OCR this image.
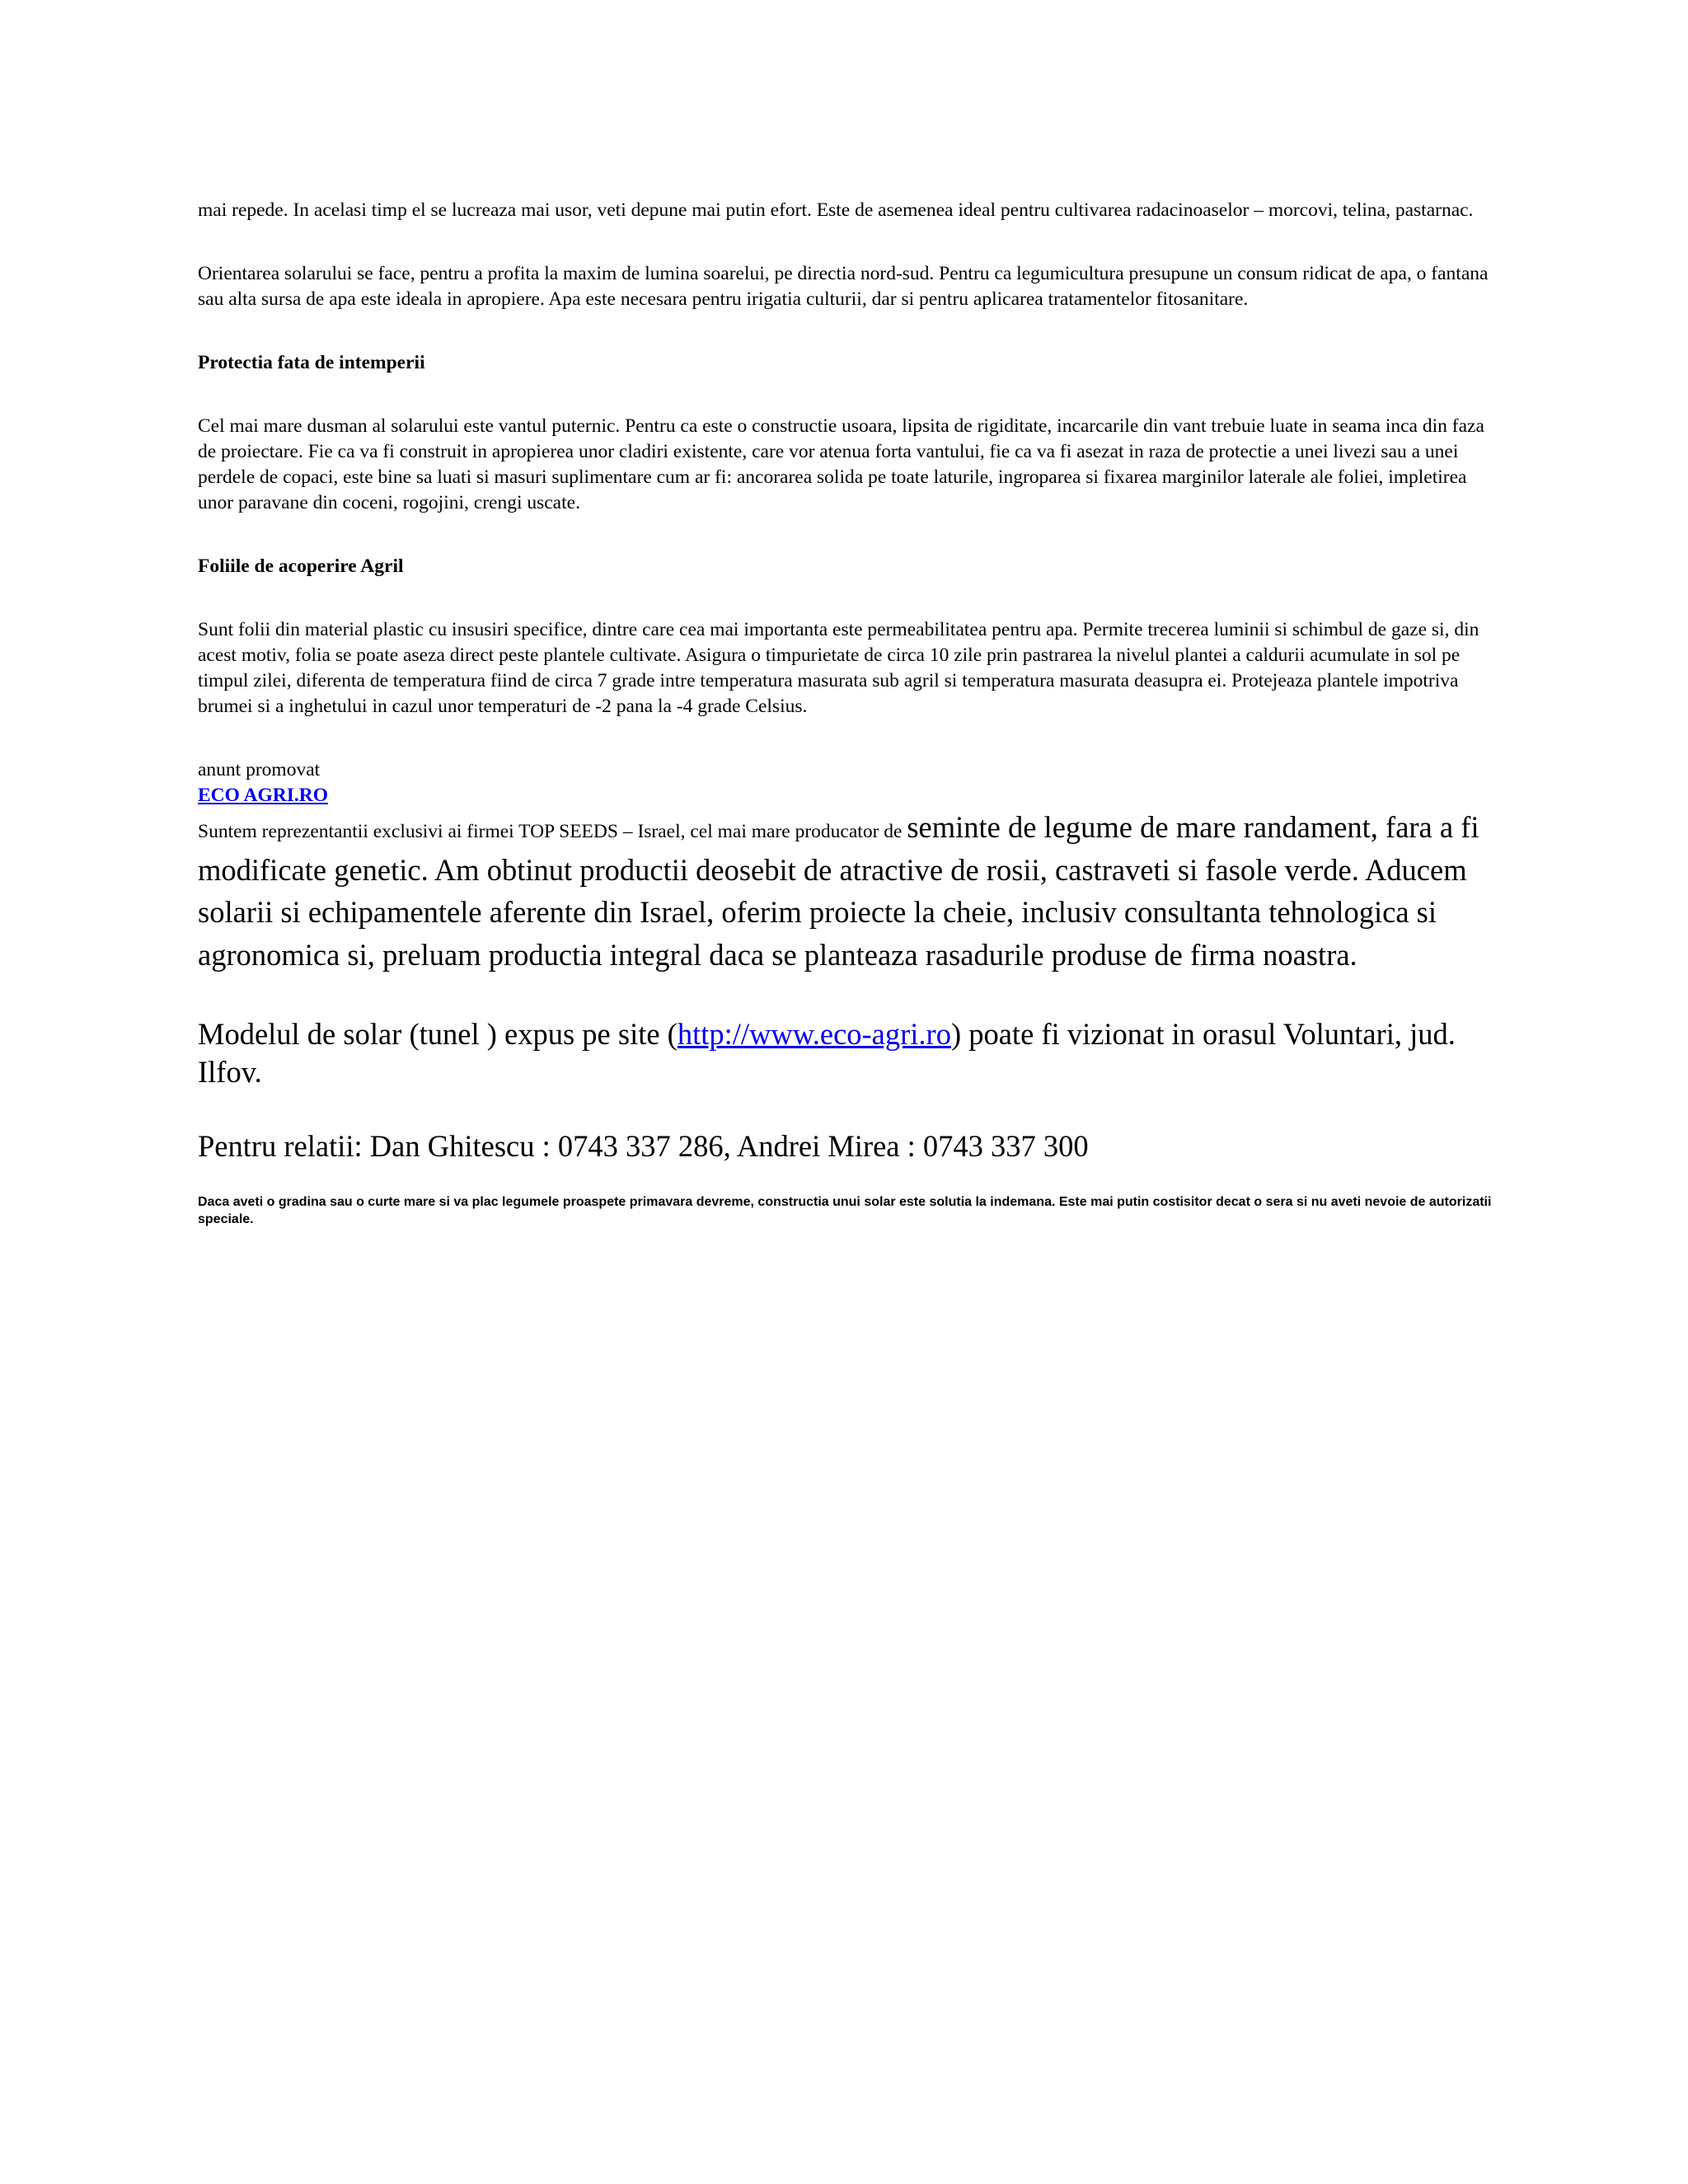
mai repede. In acelasi timp el se lucreaza mai usor, veti depune mai putin efort. Este de asemenea ideal pentru cultivarea radacinoaselor – morcovi, telina, pastarnac.

Orientarea solarului se face, pentru a profita la maxim de lumina soarelui, pe directia nord-sud. Pentru ca legumicultura presupune un consum ridicat de apa, o fantana sau alta sursa de apa este ideala in apropiere. Apa este necesara pentru irigatia culturii, dar si pentru aplicarea tratamentelor fitosanitare.

Protectia fata de intemperii

Cel mai mare dusman al solarului este vantul puternic. Pentru ca este o constructie usoara, lipsita de rigiditate, incarcarile din vant trebuie luate in seama inca din faza de proiectare. Fie ca va fi construit in apropierea unor cladiri existente, care vor atenua forta vantului, fie ca va fi asezat in raza de protectie a unei livezi sau a unei perdele de copaci, este bine sa luati si masuri suplimentare cum ar fi: ancorarea solida pe toate laturile, ingroparea si fixarea marginilor laterale ale foliei, impletirea unor paravane din coceni, rogojini, crengi uscate.

Foliile de acoperire Agril

Sunt folii din material plastic cu insusiri specifice, dintre care cea mai importanta este permeabilitatea pentru apa. Permite trecerea luminii si schimbul de gaze si, din acest motiv, folia se poate aseza direct peste plantele cultivate. Asigura o timpurietate de circa 10 zile prin pastrarea la nivelul plantei a caldurii acumulate in sol pe timpul zilei, diferenta de temperatura fiind de circa 7 grade intre temperatura masurata sub agril si temperatura masurata deasupra ei. Protejeaza plantele impotriva brumei si a inghetului in cazul unor temperaturi de -2 pana la -4 grade Celsius.

anunt promovat

ECO AGRI.RO

Suntem reprezentantii exclusivi ai firmei TOP SEEDS – Israel, cel mai mare producator de seminte de legume de mare randament, fara a fi modificate genetic. Am obtinut productii deosebit de atractive de rosii, castraveti si fasole verde. Aducem solarii si echipamentele aferente din Israel, oferim proiecte la cheie, inclusiv consultanta tehnologica si agronomica si, preluam productia integral daca se planteaza rasadurile produse de firma noastra.

Modelul de solar (tunel ) expus pe site (http://www.eco-agri.ro) poate fi vizionat in orasul Voluntari, jud. Ilfov.

Pentru relatii: Dan Ghitescu : 0743 337 286, Andrei Mirea : 0743 337 300

Daca aveti o gradina sau o curte mare si va plac legumele proaspete primavara devreme, constructia unui solar este solutia la indemana. Este mai putin costisitor decat o sera si nu aveti nevoie de autorizatii speciale.
